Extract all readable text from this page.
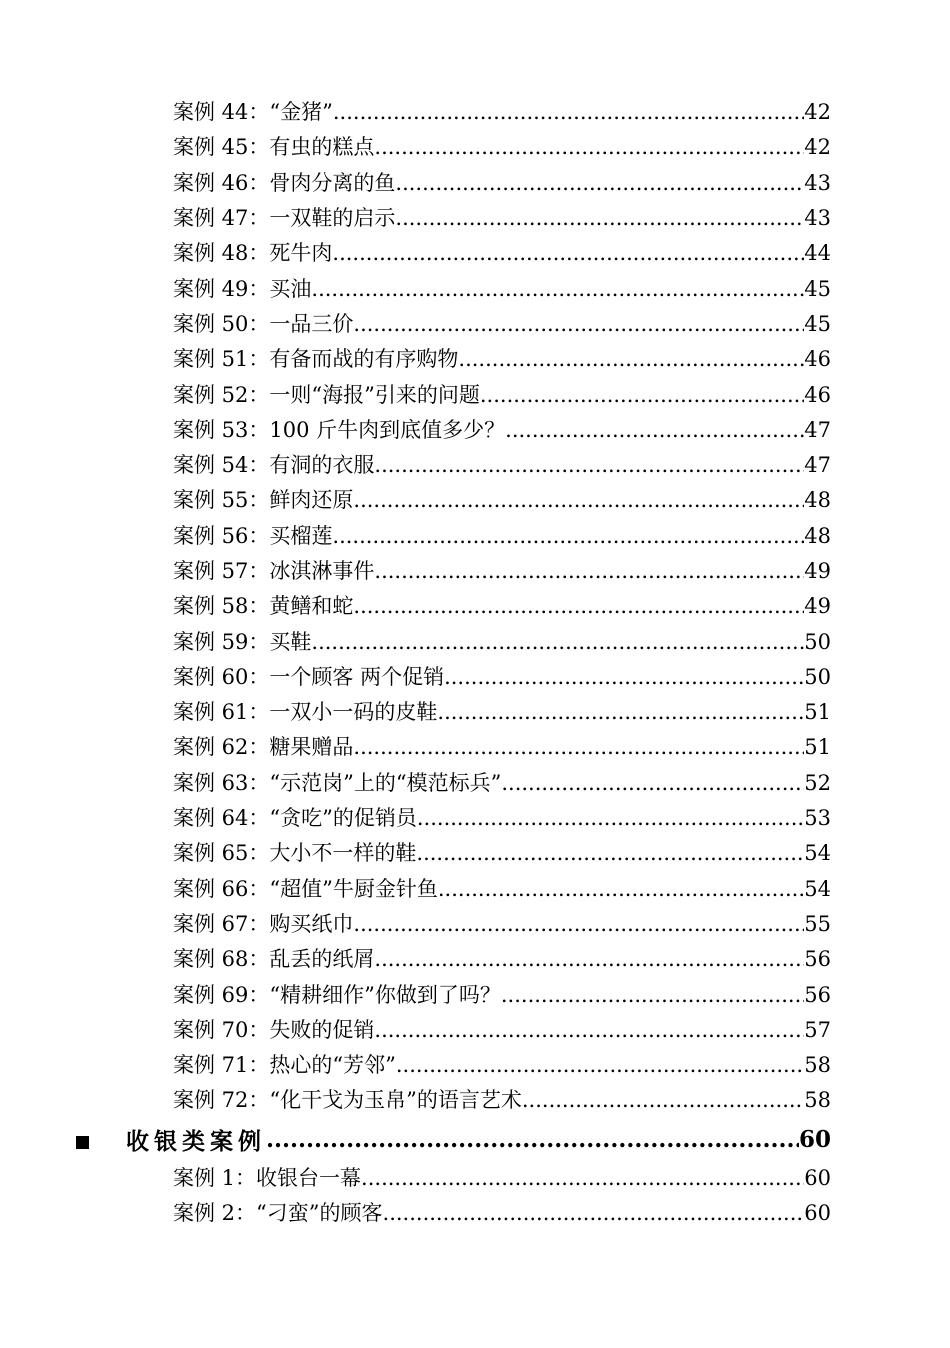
案例 44：“金猪” .....	42
案例 45：有虫的糕点 .....	42
案例 46：骨肉分离的鱼 .....	43
案例 47：一双鞋的启示 .....	43
案例 48：死牛肉 .....	44
案例 49：买油 .....	45
案例 50：一品三价 .....	45
案例 51：有备而战的有序购物 .....	46
案例 52：一则“海报”引来的问题 .....	46
案例 53：100 斤牛肉到底值多少？ .....	47
案例 54：有洞的衣服 .....	47
案例 55：鲜肉还原 .....	48
案例 56：买榴莲 .....	48
案例 57：冰淇淋事件 .....	49
案例 58：黄鳝和蛇 .....	49
案例 59：买鞋 .....	50
案例 60：一个顾客 两个促销 .....	50
案例 61：一双小一码的皮鞋 .....	51
案例 62：糖果赠品 .....	51
案例 63：“示范岗”上的“模范标兵” .....	52
案例 64：“贪吃”的促销员 .....	53
案例 65：大小不一样的鞋 .....	54
案例 66：“超值”牛厨金针鱼 .....	54
案例 67：购买纸巾 .....	55
案例 68：乱丢的纸屑 .....	56
案例 69：“精耕细作”你做到了吗？ .....	56
案例 70：失败的促销 .....	57
案例 71：热心的“芳邻” .....	58
案例 72：“化干戈为玉帛”的语言艺术 .....	58
收银类案例 .....	60
案例 1：收银台一幕 .....	60
案例 2：“刁蛮”的顾客 .....	60
